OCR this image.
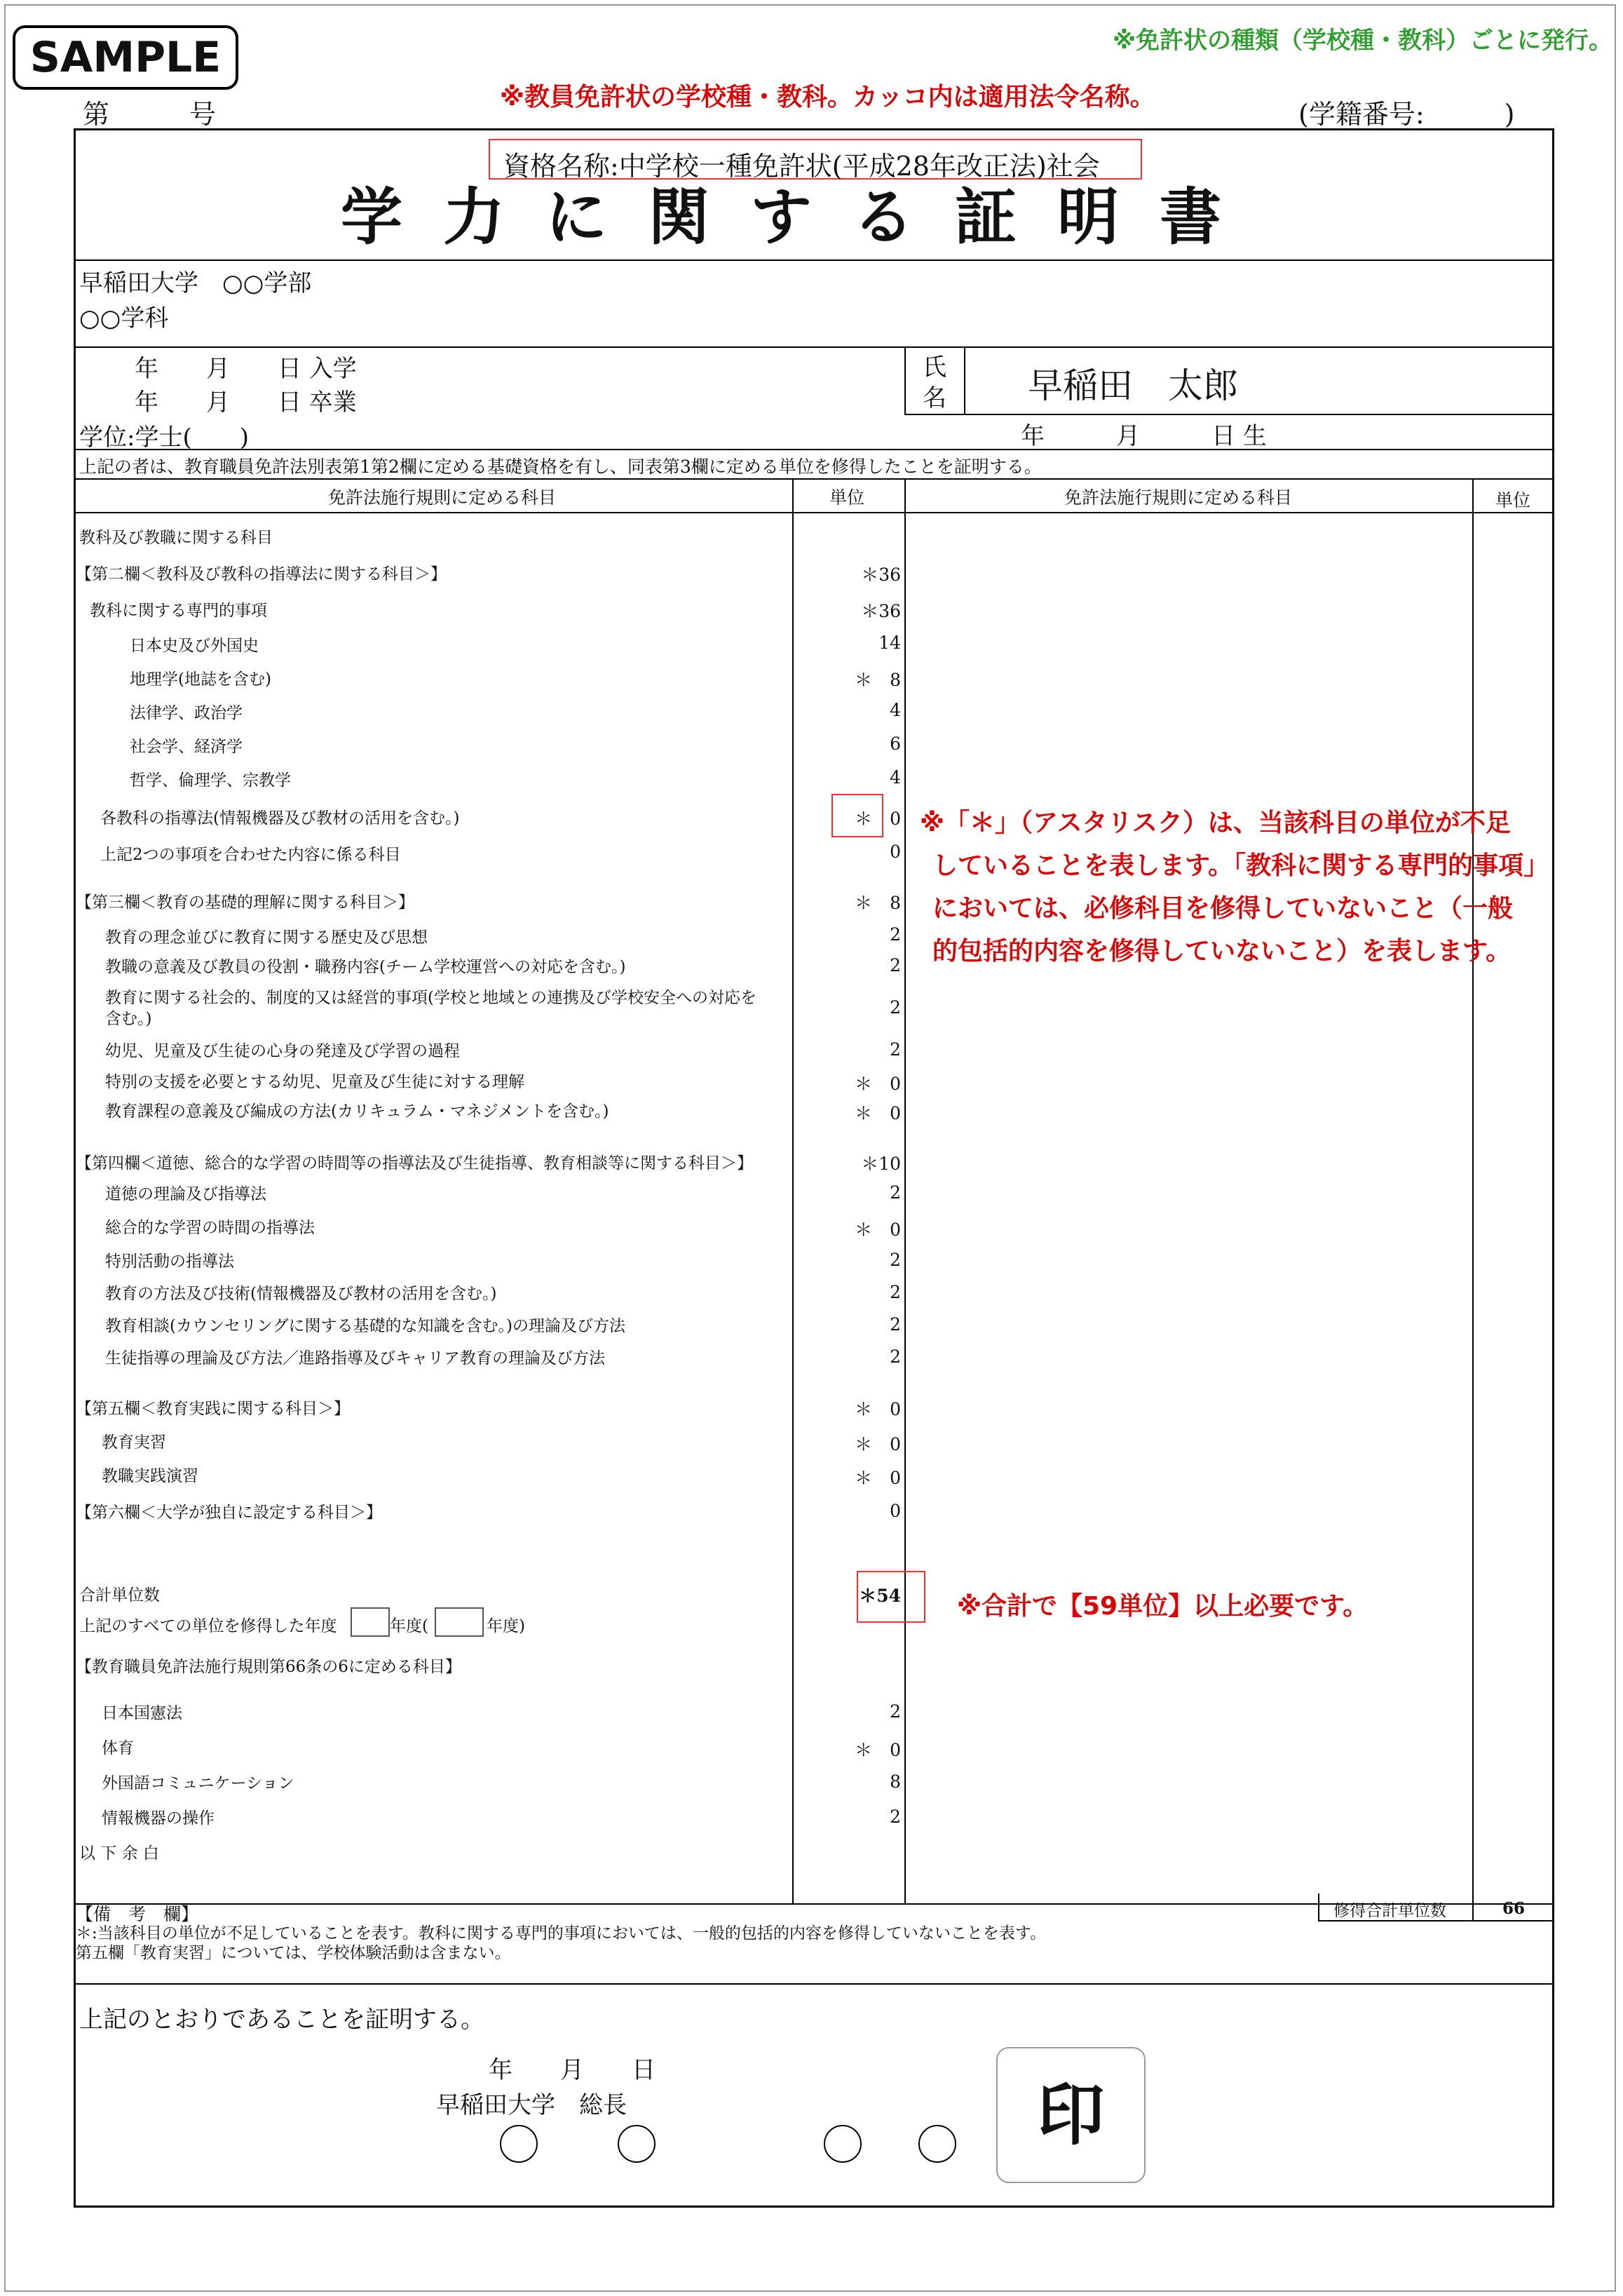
SAMPLE	※免許状の種類（学校種・教科）ごとに発行。
※教員免許状の学校種・教科。カッコ内は適用法令名称。
第　　　号	(学籍番号:　　　)
資格名称:中学校一種免許状(平成28年改正法)社会
学力に関する証明書
早稲田大学　○○学部
○○学科
年　　月　　日 入学
年　　月　　日 卒業
学位:学士(　　)
氏
名 早稲田　太郎
年　　　月　　　日 生
上記の者は、教育職員免許法別表第1第2欄に定める基礎資格を有し、同表第3欄に定める単位を修得したことを証明する。
免許法施行規則に定める科目	単位	免許法施行規則に定める科目	単位
教科及び教職に関する科目
【第二欄＜教科及び教科の指導法に関する科目＞】	＊36
教科に関する専門的事項	＊36
日本史及び外国史	14
地理学(地誌を含む)	＊　8
法律学、政治学	4
社会学、経済学	6
哲学、倫理学、宗教学	4
各教科の指導法(情報機器及び教材の活用を含む。)	＊　0
上記2つの事項を合わせた内容に係る科目	0
【第三欄＜教育の基礎的理解に関する科目＞】	＊　8
教育の理念並びに教育に関する歴史及び思想	2
教職の意義及び教員の役割・職務内容(チーム学校運営への対応を含む。)	2
教育に関する社会的、制度的又は経営的事項(学校と地域との連携及び学校安全への対応を	2
含む。)
幼児、児童及び生徒の心身の発達及び学習の過程	2
特別の支援を必要とする幼児、児童及び生徒に対する理解	＊　0
教育課程の意義及び編成の方法(カリキュラム・マネジメントを含む。)	＊　0
【第四欄＜道徳、総合的な学習の時間等の指導法及び生徒指導、教育相談等に関する科目＞】	＊10
道徳の理論及び指導法	2
総合的な学習の時間の指導法	＊　0
特別活動の指導法	2
教育の方法及び技術(情報機器及び教材の活用を含む。)	2
教育相談(カウンセリングに関する基礎的な知識を含む。)の理論及び方法	2
生徒指導の理論及び方法／進路指導及びキャリア教育の理論及び方法	2
【第五欄＜教育実践に関する科目＞】	＊　0
教育実習	＊　0
教職実践演習	＊　0
【第六欄＜大学が独自に設定する科目＞】	0
合計単位数	＊54
上記のすべての単位を修得した年度	年度(	年度)
【教育職員免許法施行規則第66条の6に定める科目】
日本国憲法	2
体育	＊　0
外国語コミュニケーション	8
情報機器の操作	2
以 下 余 白
※「＊」（アスタリスク）は、当該科目の単位が不足
していることを表します。「教科に関する専門的事項」
においては、必修科目を修得していないこと（一般
的包括的内容を修得していないこと）を表します。
※合計で【59単位】以上必要です。
【備　考　欄】	修得合計単位数	66
＊:当該科目の単位が不足していることを表す。教科に関する専門的事項においては、一般的包括的内容を修得していないことを表す。
第五欄「教育実習」については、学校体験活動は含まない。
上記のとおりであることを証明する。
年　　月　　日
早稲田大学　総長	印
